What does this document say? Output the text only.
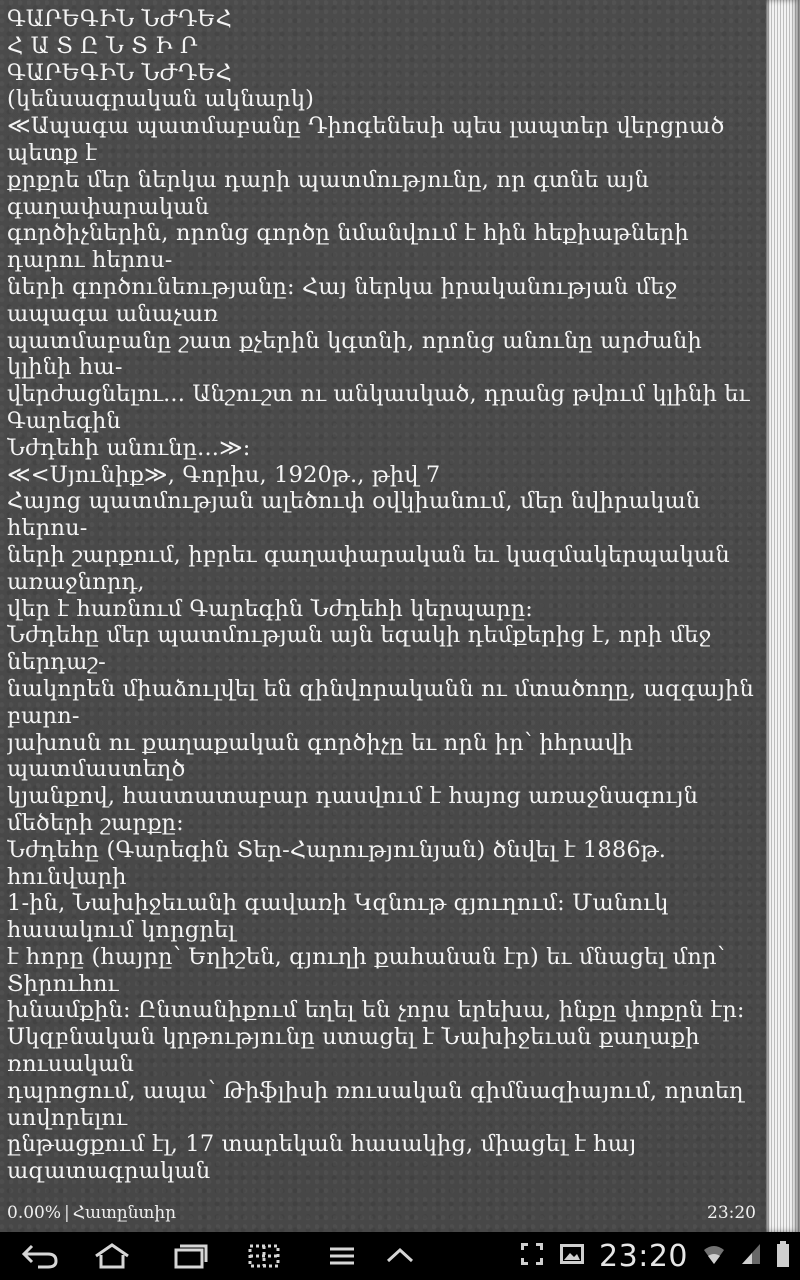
ԳԱՐԵԳԻՆ ՆԺԴԵՀ
Հ Ա Տ Ը Ն Տ Ի Ր
ԳԱՐԵԳԻՆ ՆԺԴԵՀ
(կենսագրական ակնարկ)
≪Ապագա պատմաբանը Դիոգենեսի պես լապտեր վերցրած
պետք է
քրքրե մեր ներկա դարի պատմությունը, որ գտնե այն
գաղափարական
գործիչներին, որոնց գործը նմանվում է հին հեքիաթների
դարու հերոս-
ների գործունեությանը: Հայ ներկա իրականության մեջ
ապագա անաչառ
պատմաբանը շատ քչերին կգտնի, որոնց անունը արժանի
կլինի հա-
վերժացնելու... Անշուշտ ու անկասկած, դրանց թվում կլինի եւ
Գարեգին
Նժդեհի անունը...≫:
≪<Սյունիք≫, Գորիս, 1920թ., թիվ 7
Հայոց պատմության ալեծուփ օվկիանում, մեր նվիրական
հերոս-
ների շարքում, իբրեւ գաղափարական եւ կազմակերպական
առաջնորդ,
վեր է հառնում Գարեգին Նժդեհի կերպարը:
Նժդեհը մեր պատմության այն եզակի դեմքերից է, որի մեջ
ներդաշ-
նակորեն միաձուլվել են զինվորականն ու մտածողը, ազգային
բարո-
յախոսն ու քաղաքական գործիչը եւ որն իր՝ իհրավի
պատմաստեղծ
կյանքով, հաստատաբար դասվում է հայոց առաջնագույն
մեծերի շարքը:
Նժդեհը (Գարեգին Տեր-Հարությունյան) ծնվել է 1886թ.
հունվարի
1-ին, Նախիջեւանի գավառի Կզնութ գյուղում: Մանուկ
հասակում կորցրել
է հորը (հայրը՝ Եղիշեն, գյուղի քահանան էր) եւ մնացել մոր՝
Տիրուհու
խնամքին: Ընտանիքում եղել են չորս երեխա, ինքը փոքրն էր:
Սկզբնական կրթությունը ստացել է Նախիջեւան քաղաքի
ռուսական
դպրոցում, ապա՝ Թիֆլիսի ռուսական գիմնազիայում, որտեղ
սովորելու
ընթացքում էլ, 17 տարեկան հասակից, միացել է հայ
ազատագրական
0.00% | Հատընտիր	23:20
23:20
